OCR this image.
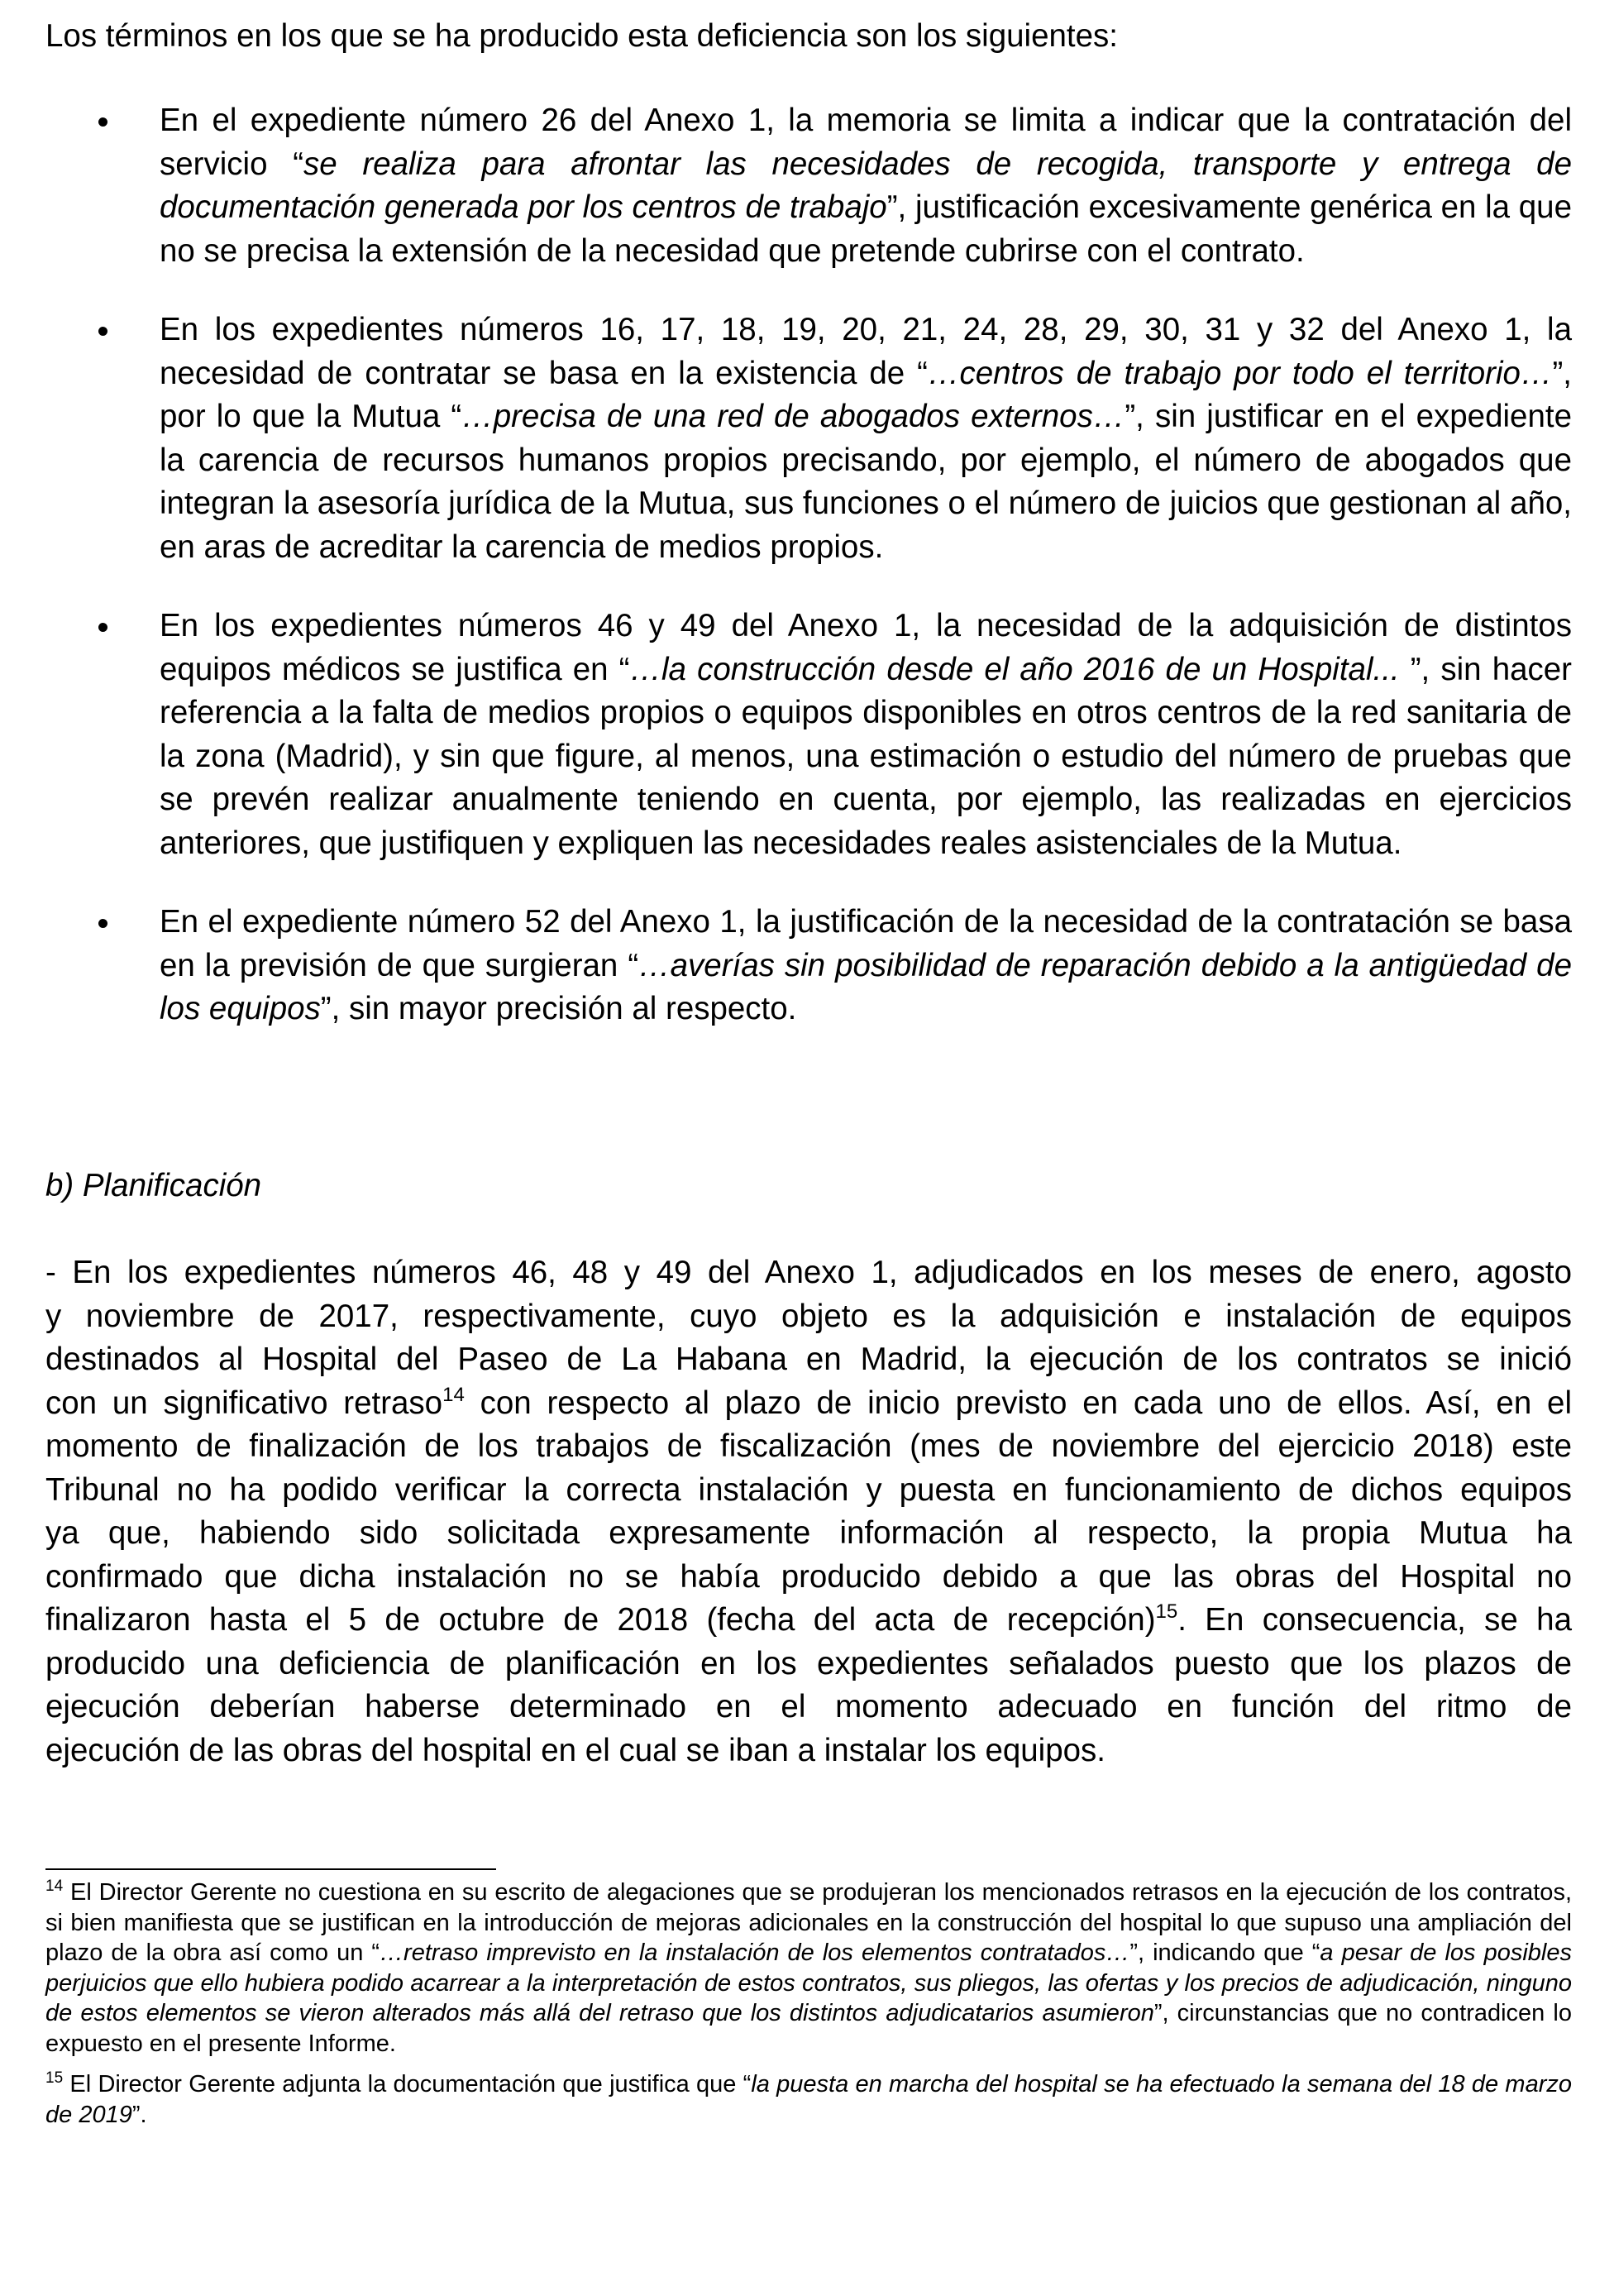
Los términos en los que se ha producido esta deficiencia son los siguientes:
En el expediente número 26 del Anexo 1, la memoria se limita a indicar que la contratación del servicio “se realiza para afrontar las necesidades de recogida, transporte y entrega de documentación generada por los centros de trabajo”, justificación excesivamente genérica en la que no se precisa la extensión de la necesidad que pretende cubrirse con el contrato.
En los expedientes números 16, 17, 18, 19, 20, 21, 24, 28, 29, 30, 31 y 32 del Anexo 1, la necesidad de contratar se basa en la existencia de “…centros de trabajo por todo el territorio…”, por lo que la Mutua “…precisa de una red de abogados externos…”, sin justificar en el expediente la carencia de recursos humanos propios precisando, por ejemplo, el número de abogados que integran la asesoría jurídica de la Mutua, sus funciones o el número de juicios que gestionan al año, en aras de acreditar la carencia de medios propios.
En los expedientes números 46 y 49 del Anexo 1, la necesidad de la adquisición de distintos equipos médicos se justifica en “…la construcción desde el año 2016 de un Hospital... ”, sin hacer referencia a la falta de medios propios o equipos disponibles en otros centros de la red sanitaria de la zona (Madrid), y sin que figure, al menos, una estimación o estudio del número de pruebas que se prevén realizar anualmente teniendo en cuenta, por ejemplo, las realizadas en ejercicios anteriores, que justifiquen y expliquen las necesidades reales asistenciales de la Mutua.
En el expediente número 52 del Anexo 1, la justificación de la necesidad de la contratación se basa en la previsión de que surgieran “…averías sin posibilidad de reparación debido a la antigüedad de los equipos”, sin mayor precisión al respecto.
b) Planificación
- En los expedientes números 46, 48 y 49 del Anexo 1, adjudicados en los meses de enero, agosto
y noviembre de 2017, respectivamente, cuyo objeto es la adquisición e instalación de equipos
destinados al Hospital del Paseo de La Habana en Madrid, la ejecución de los contratos se inició
con un significativo retraso$^{14}$ con respecto al plazo de inicio previsto en cada uno de ellos. Así, en el
momento de finalización de los trabajos de fiscalización (mes de noviembre del ejercicio 2018) este
Tribunal no ha podido verificar la correcta instalación y puesta en funcionamiento de dichos equipos
ya que, habiendo sido solicitada expresamente información al respecto, la propia Mutua ha
confirmado que dicha instalación no se había producido debido a que las obras del Hospital no
finalizaron hasta el 5 de octubre de 2018 (fecha del acta de recepción)$^{15}$. En consecuencia, se ha
producido una deficiencia de planificación en los expedientes señalados puesto que los plazos de
ejecución deberían haberse determinado en el momento adecuado en función del ritmo de
ejecución de las obras del hospital en el cual se iban a instalar los equipos.

$^{14}$ El Director Gerente no cuestiona en su escrito de alegaciones que se produjeran los mencionados retrasos en la ejecución de los contratos, si bien manifiesta que se justifican en la introducción de mejoras adicionales en la construcción del hospital lo que supuso una ampliación del plazo de la obra así como un “…retraso imprevisto en la instalación de los elementos contratados…”, indicando que “a pesar de los posibles perjuicios que ello hubiera podido acarrear a la interpretación de estos contratos, sus pliegos, las ofertas y los precios de adjudicación, ninguno de estos elementos se vieron alterados más allá del retraso que los distintos adjudicatarios asumieron”, circunstancias que no contradicen lo expuesto en el presente Informe.

$^{15}$ El Director Gerente adjunta la documentación que justifica que “la puesta en marcha del hospital se ha efectuado la semana del 18 de marzo de 2019”.
